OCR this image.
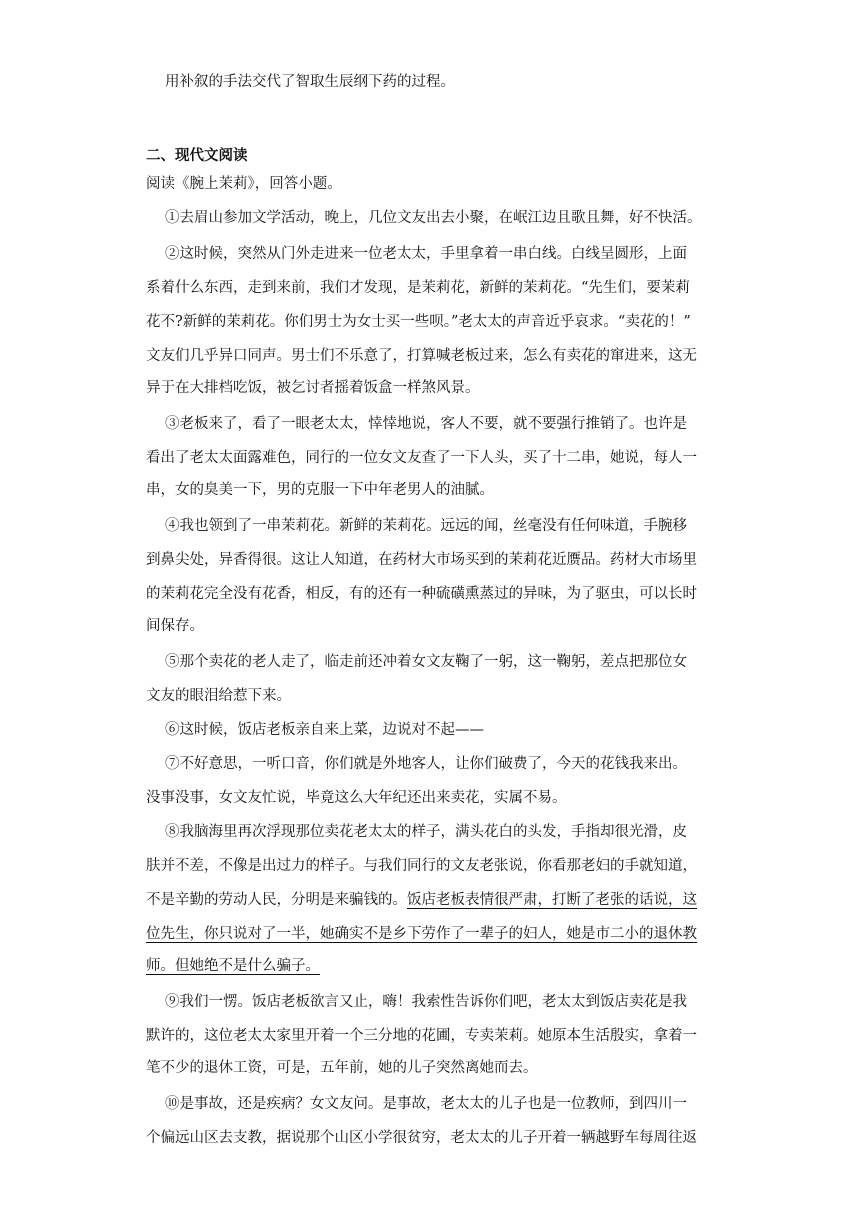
用补叙的手法交代了智取生辰纲下药的过程。
二、现代文阅读
阅读《腕上茉莉》，回答小题。
①去眉山参加文学活动，晚上，几位文友出去小聚，在岷江边且歌且舞，好不快活。
②这时候，突然从门外走进来一位老太太，手里拿着一串白线。白线呈圆形，上面
系着什么东西，走到来前，我们才发现，是茉莉花，新鲜的茉莉花。“先生们，要茉莉
花不?新鲜的茉莉花。你们男士为女士买一些呗。”老太太的声音近乎哀求。“卖花的！”
文友们几乎异口同声。男士们不乐意了，打算喊老板过来，怎么有卖花的窜进来，这无
异于在大排档吃饭，被乞讨者摇着饭盒一样煞风景。
③老板来了，看了一眼老太太，悻悻地说，客人不要，就不要强行推销了。也许是
看出了老太太面露难色，同行的一位女文友查了一下人头，买了十二串，她说，每人一
串，女的臭美一下，男的克服一下中年老男人的油腻。
④我也领到了一串茉莉花。新鲜的茉莉花。远远的闻，丝毫没有任何味道，手腕移
到鼻尖处，异香得很。这让人知道，在药材大市场买到的茉莉花近赝品。药材大市场里
的茉莉花完全没有花香，相反，有的还有一种硫磺熏蒸过的异味，为了驱虫，可以长时
间保存。
⑤那个卖花的老人走了，临走前还冲着女文友鞠了一躬，这一鞠躬，差点把那位女
文友的眼泪给惹下来。
⑥这时候，饭店老板亲自来上菜，边说对不起——
⑦不好意思，一听口音，你们就是外地客人，让你们破费了，今天的花钱我来出。
没事没事，女文友忙说，毕竟这么大年纪还出来卖花，实属不易。
⑧我脑海里再次浮现那位卖花老太太的样子，满头花白的头发，手指却很光滑，皮
肤并不差，不像是出过力的样子。与我们同行的文友老张说，你看那老妇的手就知道，
不是辛勤的劳动人民，分明是来骗钱的。饭店老板表情很严肃，打断了老张的话说，这
位先生，你只说对了一半，她确实不是乡下劳作了一辈子的妇人，她是市二小的退休教
师。但她绝不是什么骗子。
⑨我们一愣。饭店老板欲言又止，嗨！我索性告诉你们吧，老太太到饭店卖花是我
默许的，这位老太太家里开着一个三分地的花圃，专卖茉莉。她原本生活殷实，拿着一
笔不少的退休工资，可是，五年前，她的儿子突然离她而去。
⑩是事故，还是疾病？女文友问。是事故，老太太的儿子也是一位教师，到四川一
个偏远山区去支教，据说那个山区小学很贫穷，老太太的儿子开着一辆越野车每周往返
